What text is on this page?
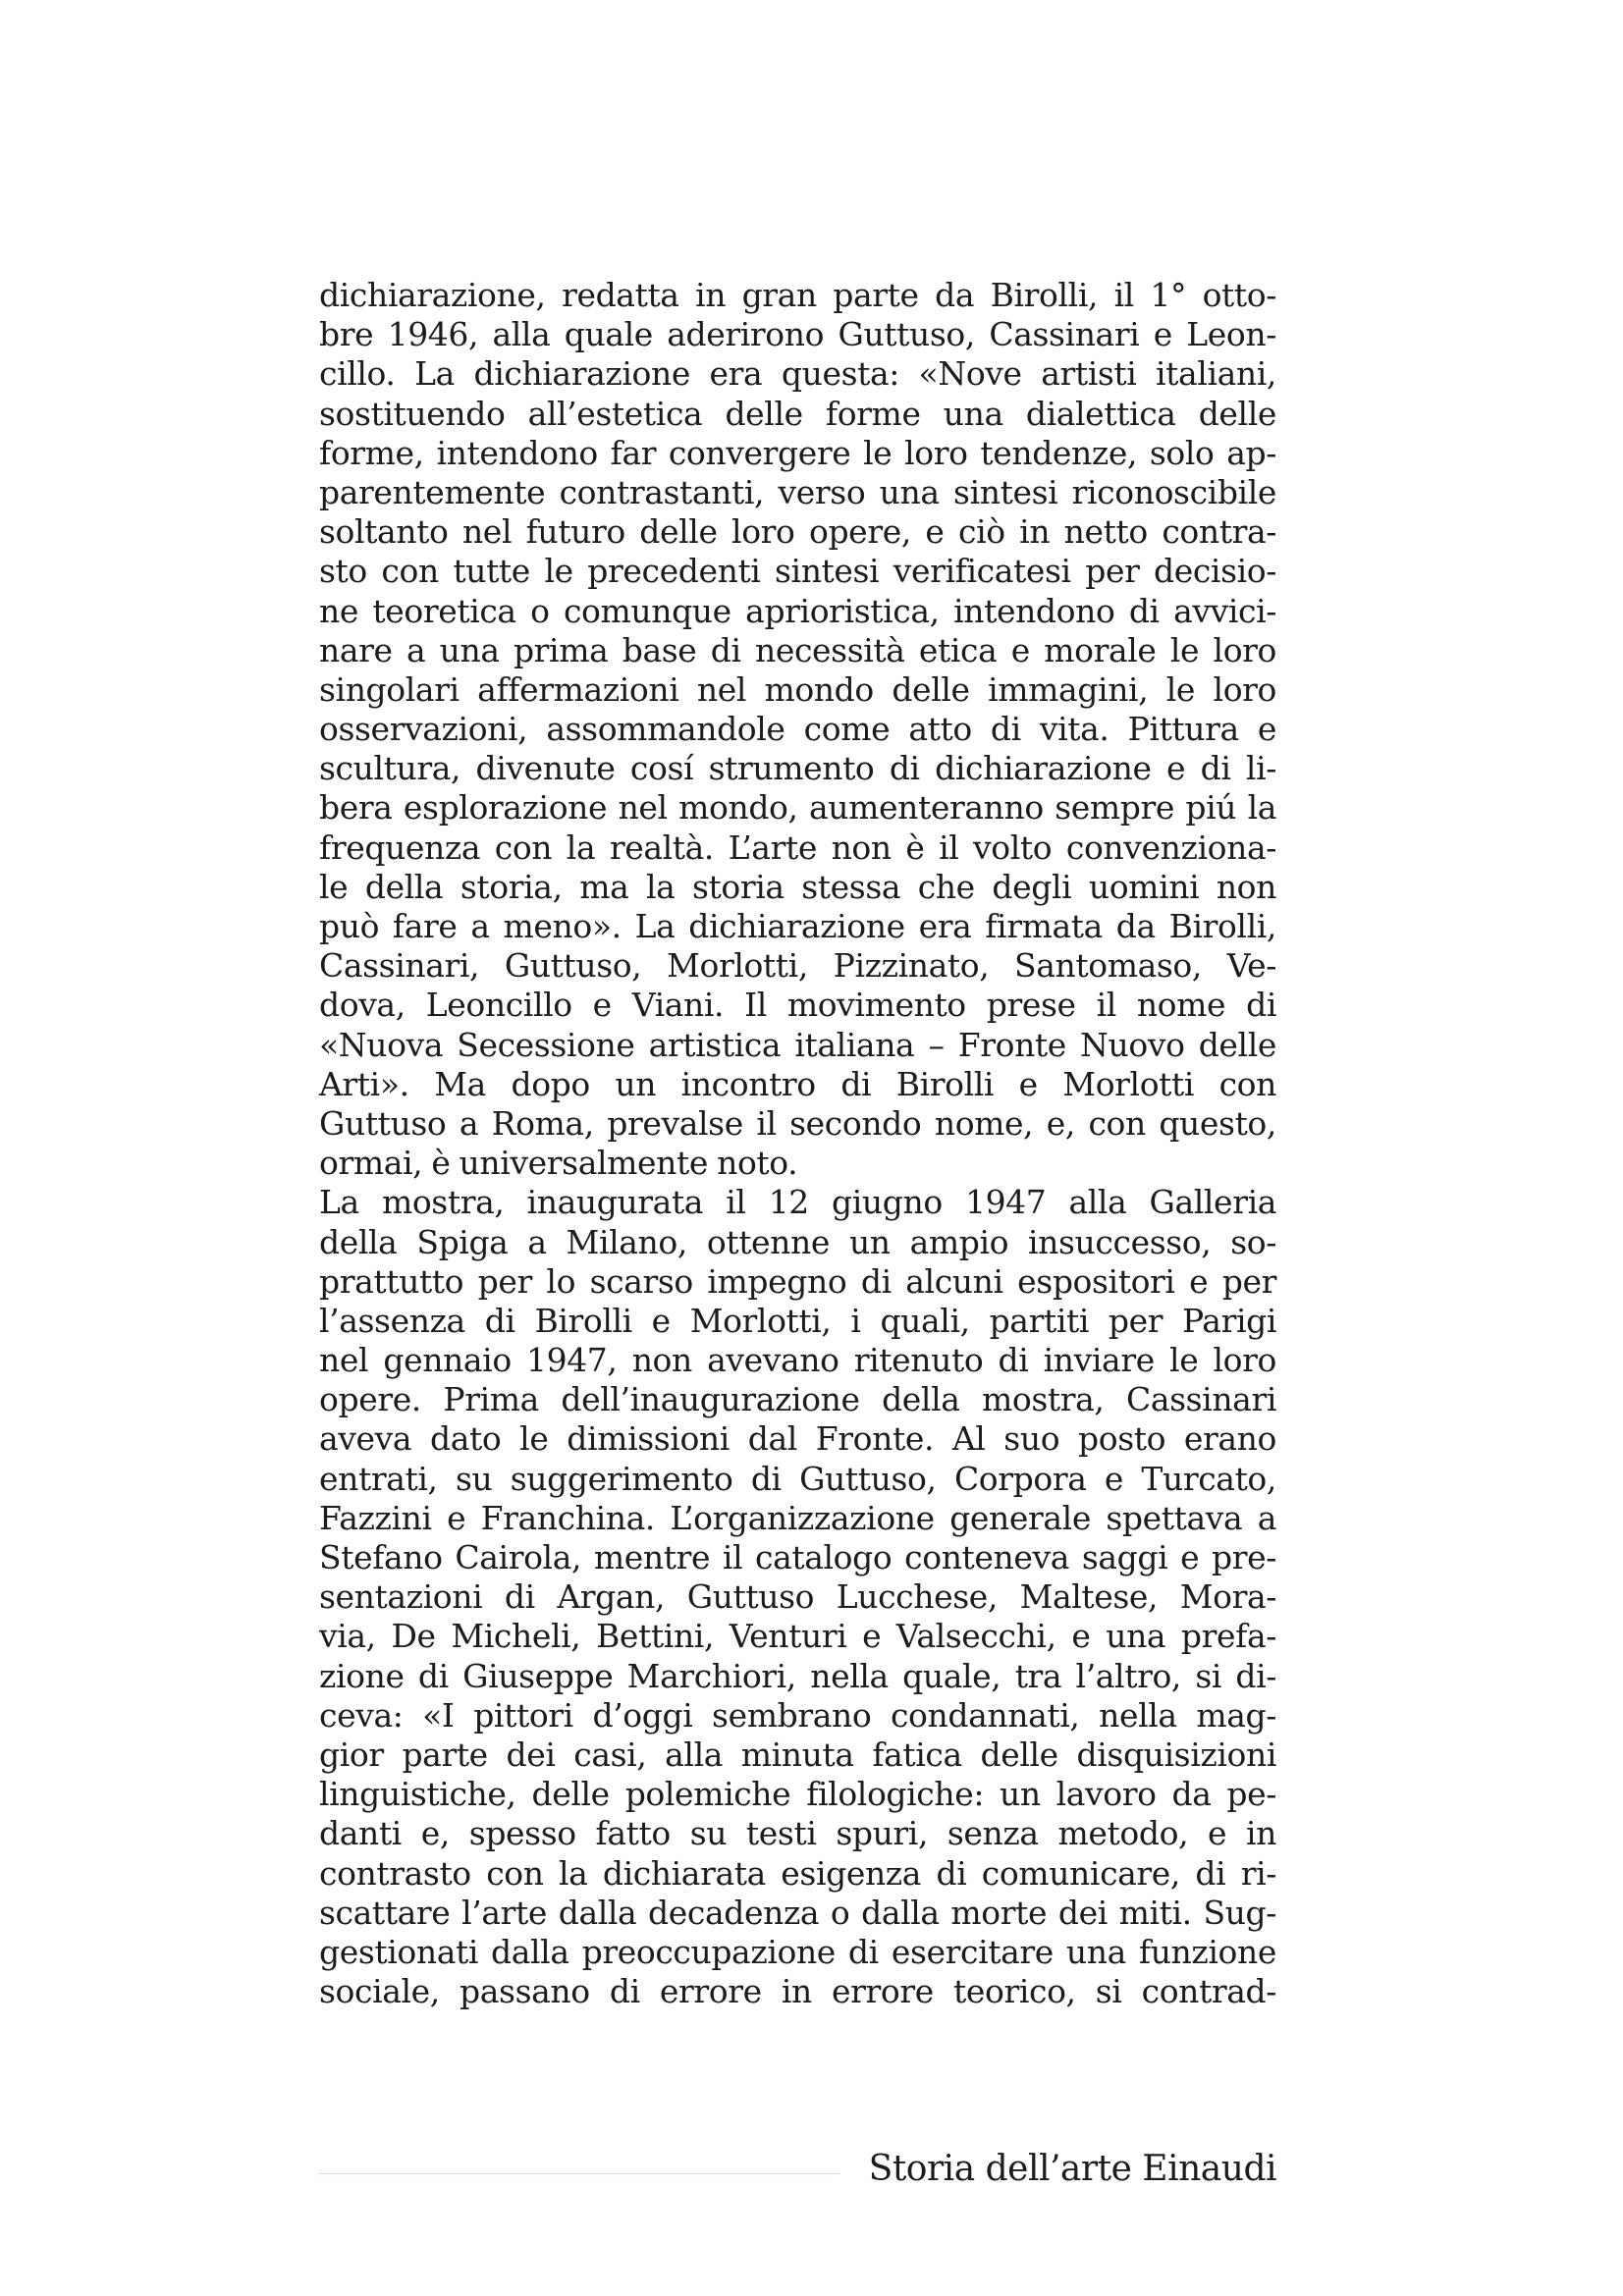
dichiarazione, redatta in gran parte da Birolli, il 1° otto-
bre 1946, alla quale aderirono Guttuso, Cassinari e Leon-
cillo. La dichiarazione era questa: «Nove artisti italiani,
sostituendo all’estetica delle forme una dialettica delle
forme, intendono far convergere le loro tendenze, solo ap-
parentemente contrastanti, verso una sintesi riconoscibile
soltanto nel futuro delle loro opere, e ciò in netto contra-
sto con tutte le precedenti sintesi verificatesi per decisio-
ne teoretica o comunque aprioristica, intendono di avvici-
nare a una prima base di necessità etica e morale le loro
singolari affermazioni nel mondo delle immagini, le loro
osservazioni, assommandole come atto di vita. Pittura e
scultura, divenute cosí strumento di dichiarazione e di li-
bera esplorazione nel mondo, aumenteranno sempre piú la
frequenza con la realtà. L’arte non è il volto convenziona-
le della storia, ma la storia stessa che degli uomini non
può fare a meno». La dichiarazione era firmata da Birolli,
Cassinari, Guttuso, Morlotti, Pizzinato, Santomaso, Ve-
dova, Leoncillo e Viani. Il movimento prese il nome di
«Nuova Secessione artistica italiana – Fronte Nuovo delle
Arti». Ma dopo un incontro di Birolli e Morlotti con
Guttuso a Roma, prevalse il secondo nome, e, con questo,
ormai, è universalmente noto.
La mostra, inaugurata il 12 giugno 1947 alla Galleria
della Spiga a Milano, ottenne un ampio insuccesso, so-
prattutto per lo scarso impegno di alcuni espositori e per
l’assenza di Birolli e Morlotti, i quali, partiti per Parigi
nel gennaio 1947, non avevano ritenuto di inviare le loro
opere. Prima dell’inaugurazione della mostra, Cassinari
aveva dato le dimissioni dal Fronte. Al suo posto erano
entrati, su suggerimento di Guttuso, Corpora e Turcato,
Fazzini e Franchina. L’organizzazione generale spettava a
Stefano Cairola, mentre il catalogo conteneva saggi e pre-
sentazioni di Argan, Guttuso Lucchese, Maltese, Mora-
via, De Micheli, Bettini, Venturi e Valsecchi, e una prefa-
zione di Giuseppe Marchiori, nella quale, tra l’altro, si di-
ceva: «I pittori d’oggi sembrano condannati, nella mag-
gior parte dei casi, alla minuta fatica delle disquisizioni
linguistiche, delle polemiche filologiche: un lavoro da pe-
danti e, spesso fatto su testi spuri, senza metodo, e in
contrasto con la dichiarata esigenza di comunicare, di ri-
scattare l’arte dalla decadenza o dalla morte dei miti. Sug-
gestionati dalla preoccupazione di esercitare una funzione
sociale, passano di errore in errore teorico, si contrad-
Storia dell’arte Einaudi
